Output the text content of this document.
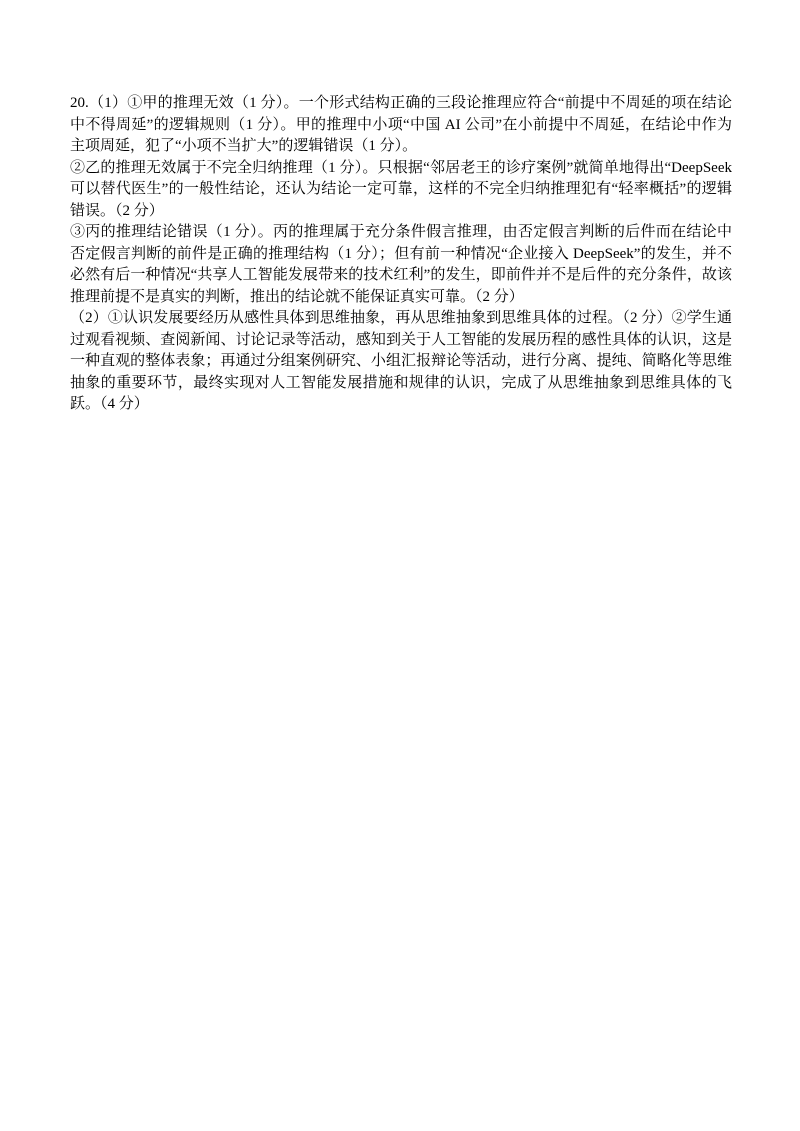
20.（1）①甲的推理无效（1 分）。一个形式结构正确的三段论推理应符合“前提中不周延的项在结论中不得周延”的逻辑规则（1 分）。甲的推理中小项“中国 AI 公司”在小前提中不周延，在结论中作为主项周延，犯了“小项不当扩大”的逻辑错误（1 分）。

②乙的推理无效属于不完全归纳推理（1 分）。只根据“邻居老王的诊疗案例”就简单地得出“DeepSeek 可以替代医生”的一般性结论，还认为结论一定可靠，这样的不完全归纳推理犯有“轻率概括”的逻辑错误。（2 分）

③丙的推理结论错误（1 分）。丙的推理属于充分条件假言推理，由否定假言判断的后件而在结论中否定假言判断的前件是正确的推理结构（1 分）；但有前一种情况“企业接入 DeepSeek”的发生，并不必然有后一种情况“共享人工智能发展带来的技术红利”的发生，即前件并不是后件的充分条件，故该推理前提不是真实的判断，推出的结论就不能保证真实可靠。（2 分）

（2）①认识发展要经历从感性具体到思维抽象，再从思维抽象到思维具体的过程。（2 分）②学生通过观看视频、查阅新闻、讨论记录等活动，感知到关于人工智能的发展历程的感性具体的认识，这是一种直观的整体表象；再通过分组案例研究、小组汇报辩论等活动，进行分离、提纯、简略化等思维抽象的重要环节，最终实现对人工智能发展措施和规律的认识，完成了从思维抽象到思维具体的飞跃。（4 分）
